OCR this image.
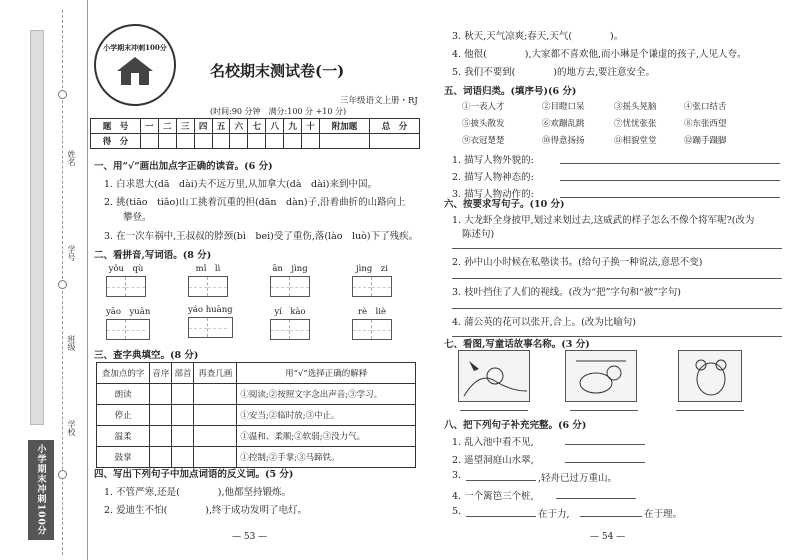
姓名
学号
班级
学校
小学期末冲刺100分
小学期末冲刺100分
名校期末测试卷(一)
三年级语文上册・RJ
(时间:90 分钟　满分:100 分 +10 分)
题　号	一	二	三	四	五	六	七	八	九	十	附加题	总　分
得　分												
一、用“√”画出加点字正确的读音。(6 分)
1. 白求恩大(dā　dài)夫不远万里,从加拿大(dà　dài)来到中国。
2. 挑(tiāo　tiǎo)山工挑着沉重的担(dān　dàn)子,沿着曲折的山路向上
　　攀登。
3. 在一次车祸中,王叔叔的脖颈(bì　bei)受了重伤,落(lào　luò)下了残疾。
二、看拼音,写词语。(8 分)
yǒu　qù	mǐ　lì	ān　jìng	jìng　zi
yāo　yuàn	yáo huàng	yí　kào	rè　liè
三、查字典填空。(8 分)
查加点的字	音序	部首	再查几画	用“√”选择正确的解释
朗读				①阅读;②按照文字念出声音;③学习。
停止				①安当;②临时放;③中止。
温柔				①温和、柔顺;②软弱;③没力气。
鼓掌				①控制;②手掌;③马蹄铁。
四、写出下列句子中加点词语的反义词。(5 分)
1. 不管严寒,还是(　　　　),他都坚持锻炼。
2. 爱迪生不怕(　　　　),终于成功发明了电灯。
— 53 —
3. 秋天,天气凉爽;春天,天气(　　　　)。
4. 他很(　　　　),大家都不喜欢他,而小琳是个谦虚的孩子,人见人夸。
5. 我们不要到(　　　　)的地方去,要注意安全。
五、词语归类。(填序号)(6 分)
①一表人才	②目瞪口呆	③摇头晃脑	④张口结舌
⑤披头散发	⑥欢蹦乱跳	⑦忧忧张张	⑧东张西望
⑨衣冠楚楚	⑩得意扬扬	⑪相貌堂堂	⑫蹦手蹑脚
1. 描写人物外貌的:
2. 描写人物神态的:
3. 描写人物动作的:
六、按要求写句子。(10 分)
1. 大龙虾全身披甲,划过来划过去,这威武的样子怎么不像个将军呢?(改为
陈述句)
2. 孙中山小时候在私塾读书。(给句子换一种说法,意思不变)
3. 枝叶挡住了人们的视线。(改为“把”字句和“被”字句)
4. 蒲公英的花可以张开,合上。(改为比喻句)
七、看图,写童话故事名称。(3 分)
八、把下列句子补充完整。(6 分)
1. 乱入池中看不见,
2. 遥望洞庭山水翠,
3.	,轻舟已过万重山。
4. 一个篱笆三个桩,
5.	在于力,	在于理。
— 54 —
